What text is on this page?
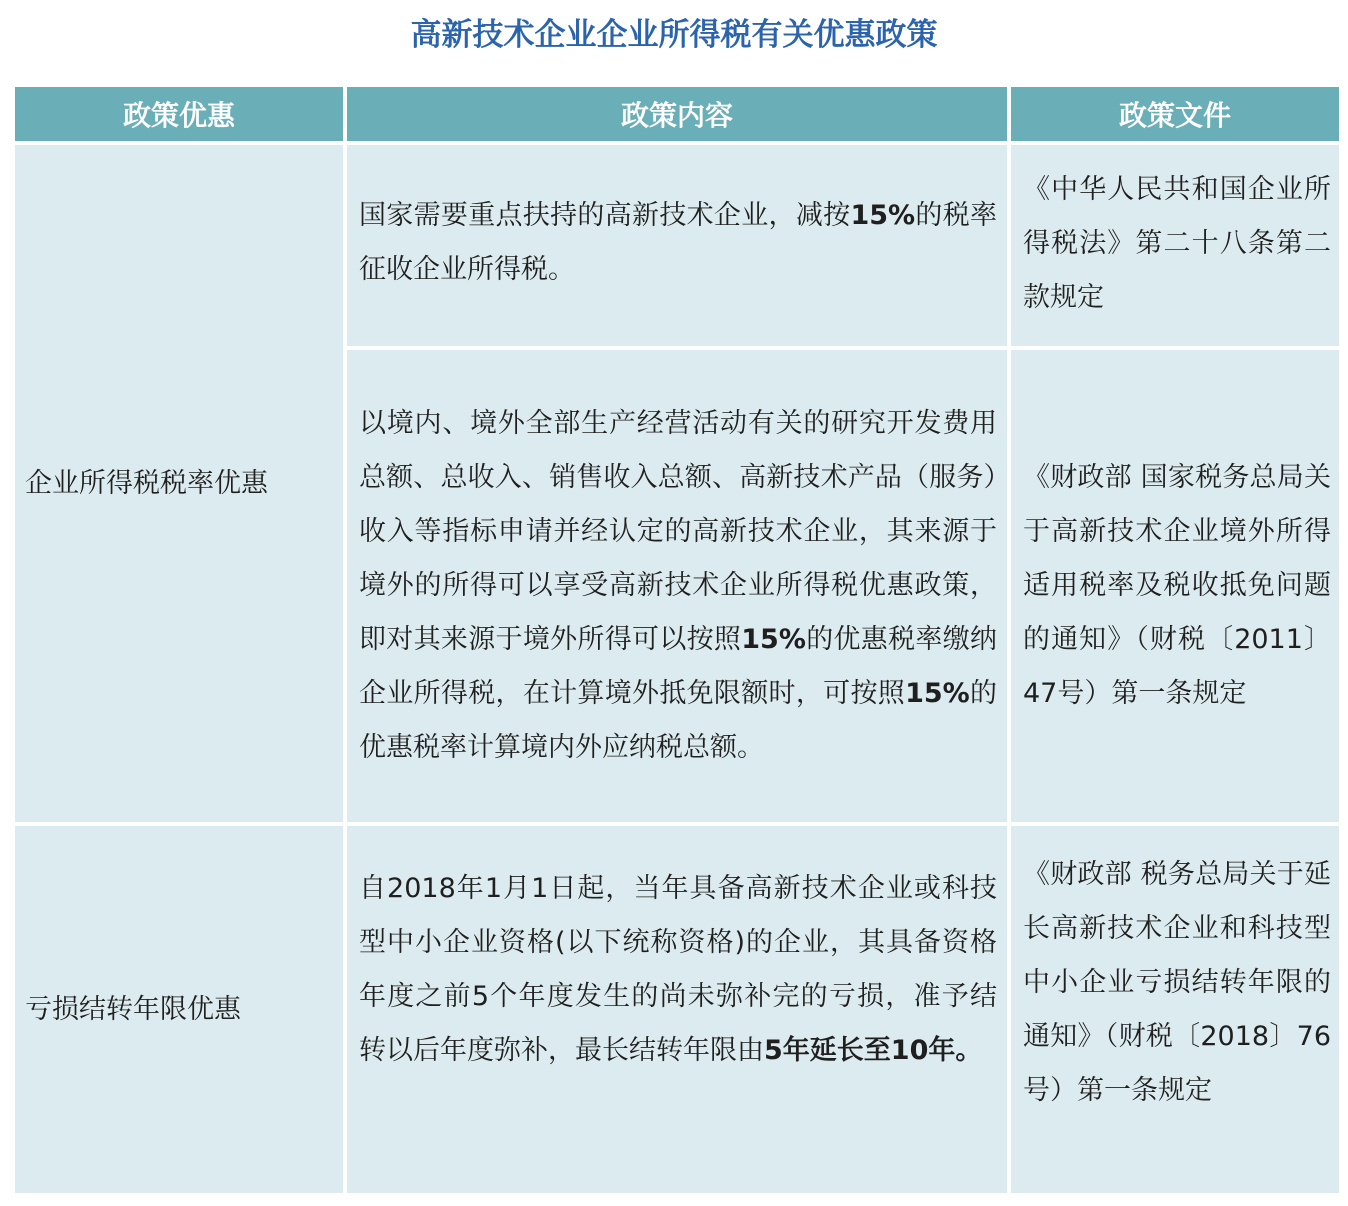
高新技术企业企业所得税有关优惠政策
政策优惠	政策内容	政策文件

企业所得税税率优惠	国家需要重点扶持的高新技术企业，减按15%的税率征收企业所得税。	《中华人民共和国企业所得税法》第二十八条第二款规定

	以境内、境外全部生产经营活动有关的研究开发费用总额、总收入、销售收入总额、高新技术产品（服务）收入等指标申请并经认定的高新技术企业，其来源于境外的所得可以享受高新技术企业所得税优惠政策，即对其来源于境外所得可以按照15%的优惠税率缴纳企业所得税，在计算境外抵免限额时，可按照15%的优惠税率计算境内外应纳税总额。	《财政部 国家税务总局关于高新技术企业境外所得适用税率及税收抵免问题的通知》（财税〔2011〕47号）第一条规定

亏损结转年限优惠	自2018年1月1日起，当年具备高新技术企业或科技型中小企业资格(以下统称资格)的企业，其具备资格年度之前5个年度发生的尚未弥补完的亏损，准予结转以后年度弥补，最长结转年限由5年延长至10年。	《财政部 税务总局关于延长高新技术企业和科技型中小企业亏损结转年限的通知》（财税〔2018〕76号）第一条规定
